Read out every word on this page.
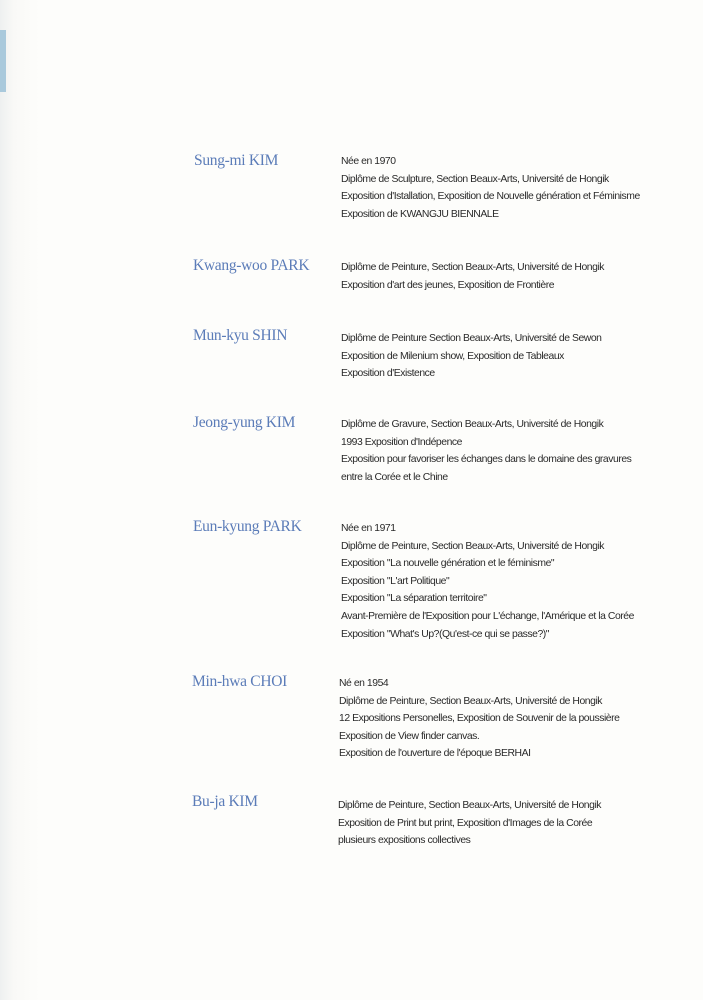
Sung-mi KIM	Née en 1970
Diplôme de Sculpture, Section Beaux-Arts, Université de Hongik
Exposition d'Istallation, Exposition de Nouvelle génération et Féminisme
Exposition de KWANGJU BIENNALE
Kwang-woo PARK	Diplôme de Peinture, Section Beaux-Arts, Université de Hongik
Exposition d'art des jeunes, Exposition de Frontière
Mun-kyu SHIN	Diplôme de Peinture Section Beaux-Arts, Université de Sewon
Exposition de Milenium show, Exposition de Tableaux
Exposition d'Existence
Jeong-yung KIM	Diplôme de Gravure, Section Beaux-Arts, Université de Hongik
1993 Exposition d'Indépence
Exposition pour favoriser les échanges dans le domaine des gravures
entre la Corée et le Chine
Eun-kyung PARK	Née en 1971
Diplôme de Peinture, Section Beaux-Arts, Université de Hongik
Exposition "La nouvelle génération et le féminisme"
Exposition "L'art Politique"
Exposition "La séparation territoire"
Avant-Première de l'Exposition pour L'échange, l'Amérique et la Corée
Exposition "What's Up?(Qu'est-ce qui se passe?)"
Min-hwa CHOI	Né en 1954
Diplôme de Peinture, Section Beaux-Arts, Université de Hongik
12 Expositions Personelles, Exposition de Souvenir de la poussière
Exposition de View finder canvas.
Exposition de l'ouverture de l'époque BERHAI
Bu-ja KIM	Diplôme de Peinture, Section Beaux-Arts, Université de Hongik
Exposition de Print but print, Exposition d'Images de la Corée
plusieurs expositions collectives
